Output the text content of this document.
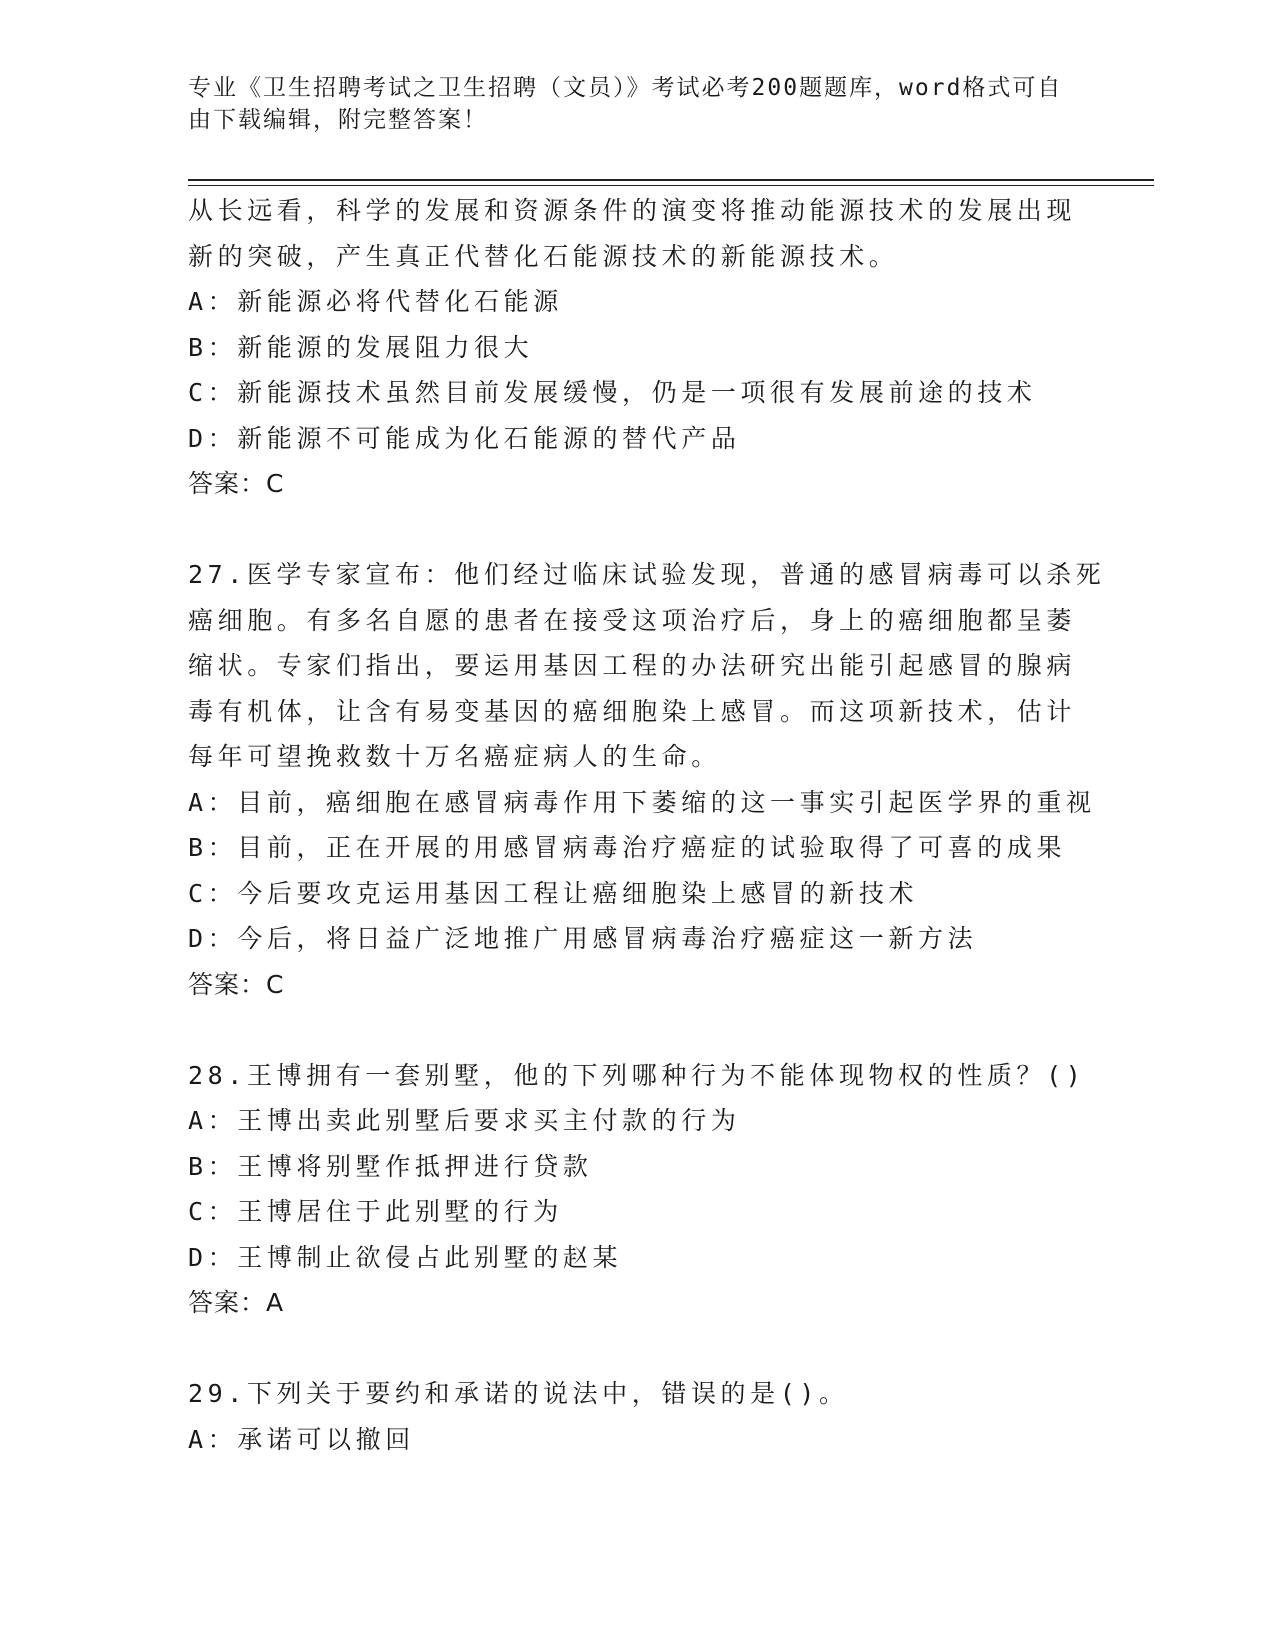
专业《卫生招聘考试之卫生招聘（文员）》考试必考200题题库，word格式可自
由下载编辑，附完整答案！
从长远看，科学的发展和资源条件的演变将推动能源技术的发展出现
新的突破，产生真正代替化石能源技术的新能源技术。
A：新能源必将代替化石能源
B：新能源的发展阻力很大
C：新能源技术虽然目前发展缓慢，仍是一项很有发展前途的技术
D：新能源不可能成为化石能源的替代产品
答案：C
27.医学专家宣布：他们经过临床试验发现，普通的感冒病毒可以杀死
癌细胞。有多名自愿的患者在接受这项治疗后，身上的癌细胞都呈萎
缩状。专家们指出，要运用基因工程的办法研究出能引起感冒的腺病
毒有机体，让含有易变基因的癌细胞染上感冒。而这项新技术，估计
每年可望挽救数十万名癌症病人的生命。
A：目前，癌细胞在感冒病毒作用下萎缩的这一事实引起医学界的重视
B：目前，正在开展的用感冒病毒治疗癌症的试验取得了可喜的成果
C：今后要攻克运用基因工程让癌细胞染上感冒的新技术
D：今后，将日益广泛地推广用感冒病毒治疗癌症这一新方法
答案：C
28.王博拥有一套别墅，他的下列哪种行为不能体现物权的性质？()
A：王博出卖此别墅后要求买主付款的行为
B：王博将别墅作抵押进行贷款
C：王博居住于此别墅的行为
D：王博制止欲侵占此别墅的赵某
答案：A
29.下列关于要约和承诺的说法中，错误的是()。
A：承诺可以撤回
